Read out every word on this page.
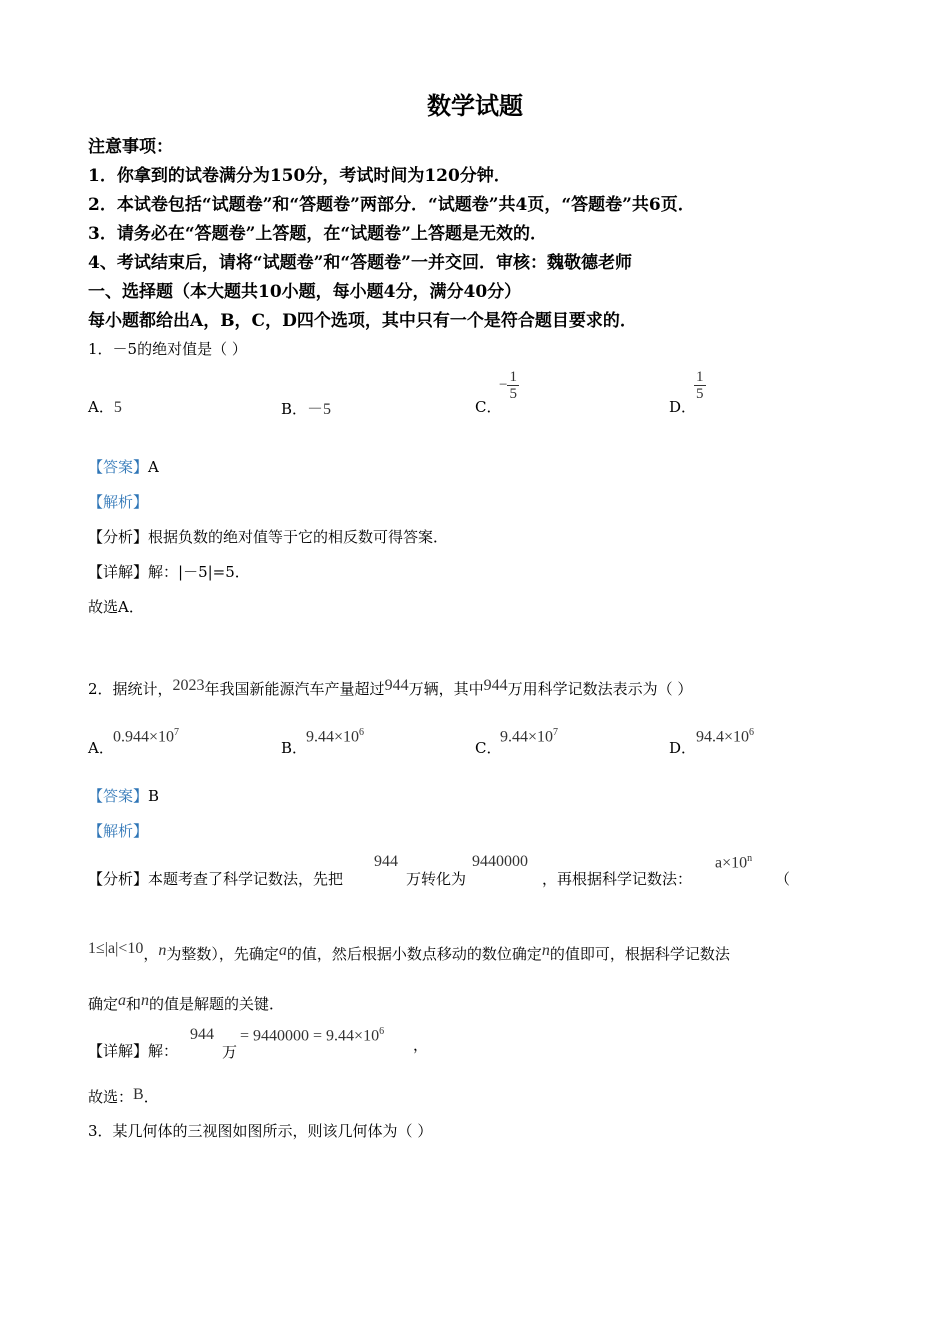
数学试题
注意事项：
1．你拿到的试卷满分为150分，考试时间为120分钟．
2．本试卷包括“试题卷”和“答题卷”两部分．“试题卷”共4页，“答题卷”共6页．
3．请务必在“答题卷”上答题，在“试题卷”上答题是无效的．
4、考试结束后，请将“试题卷”和“答题卷”一并交回．审核：魏敬德老师
一、选择题（本大题共10小题，每小题4分，满分40分）
每小题都给出A，B，C，D四个选项，其中只有一个是符合题目要求的．
1．－5的绝对值是（ ）
A．5	B．－5	C．
− $\frac{1}{5}$
D．
$\frac{1}{5}$
【答案】A
【解析】
【分析】根据负数的绝对值等于它的相反数可得答案．
【详解】解：|－5|=5．
故选A．
2．据统计，2023年我国新能源汽车产量超过944万辆，其中944万用科学记数法表示为（ ）
A．
$0.944\times 10^7$
B．
$9.44\times 10^6$
C．
$9.44\times 10^7$
D．
$94.4\times 10^6$
【答案】B
【解析】
【分析】本题考查了科学记数法，先把
944
万转化为
9440000
，再根据科学记数法：
$a\times 10^n$
（
1≤|a|<10，n为整数），先确定a的值，然后根据小数点移动的数位确定n的值即可，根据科学记数法
确定a和n的值是解题的关键．
【详解】解：
944
万
= $9440000 = 9.44\times 10^6$
，
故选：B．
3．某几何体的三视图如图所示，则该几何体为（ ）
